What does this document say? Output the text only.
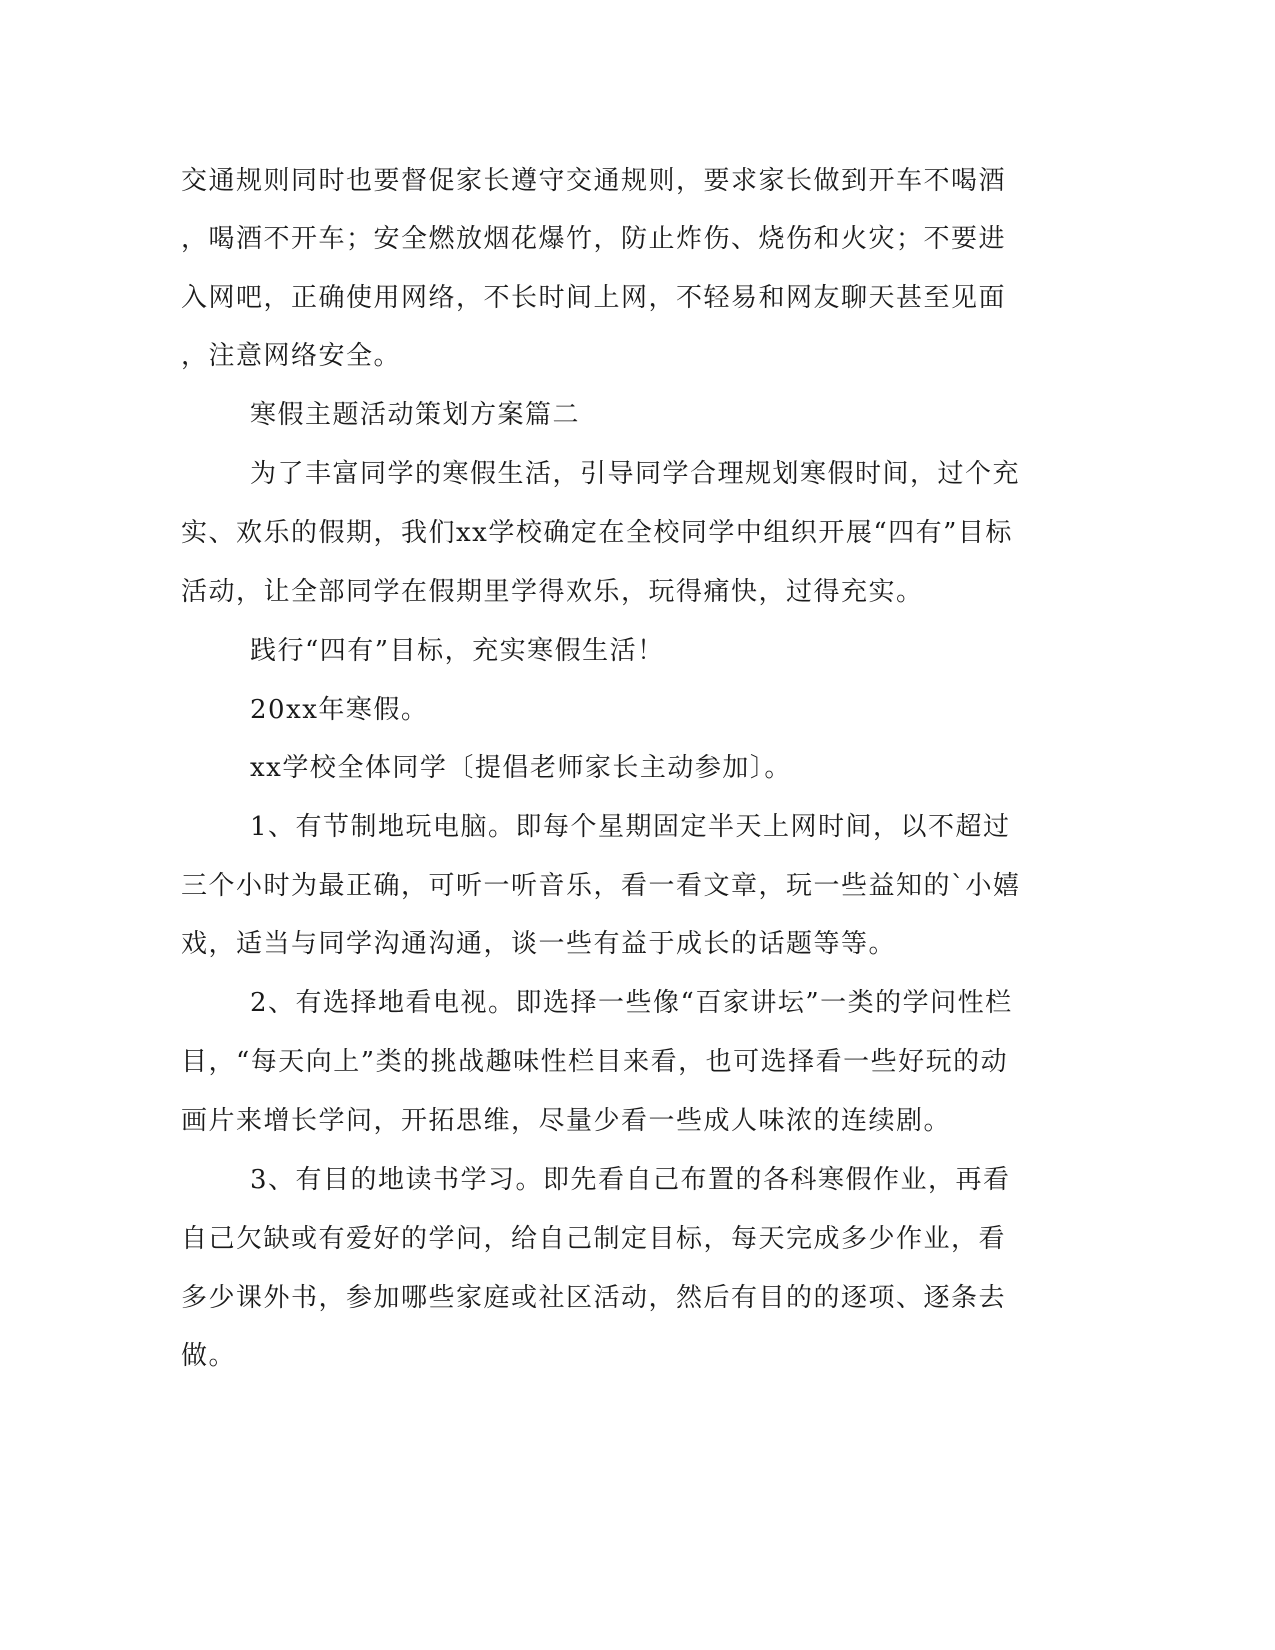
交通规则同时也要督促家长遵守交通规则，要求家长做到开车不喝酒
，喝酒不开车；安全燃放烟花爆竹，防止炸伤、烧伤和火灾；不要进
入网吧，正确使用网络，不长时间上网，不轻易和网友聊天甚至见面
，注意网络安全。
寒假主题活动策划方案篇二
为了丰富同学的寒假生活，引导同学合理规划寒假时间，过个充
实、欢乐的假期，我们xx学校确定在全校同学中组织开展“四有”目标
活动，让全部同学在假期里学得欢乐，玩得痛快，过得充实。
践行“四有”目标，充实寒假生活！
20xx年寒假。
xx学校全体同学〔提倡老师家长主动参加〕。
1、有节制地玩电脑。即每个星期固定半天上网时间，以不超过
三个小时为最正确，可听一听音乐，看一看文章，玩一些益知的`小嬉
戏，适当与同学沟通沟通，谈一些有益于成长的话题等等。
2、有选择地看电视。即选择一些像“百家讲坛”一类的学问性栏
目，“每天向上”类的挑战趣味性栏目来看，也可选择看一些好玩的动
画片来增长学问，开拓思维，尽量少看一些成人味浓的连续剧。
3、有目的地读书学习。即先看自己布置的各科寒假作业，再看
自己欠缺或有爱好的学问，给自己制定目标，每天完成多少作业，看
多少课外书，参加哪些家庭或社区活动，然后有目的的逐项、逐条去
做。
